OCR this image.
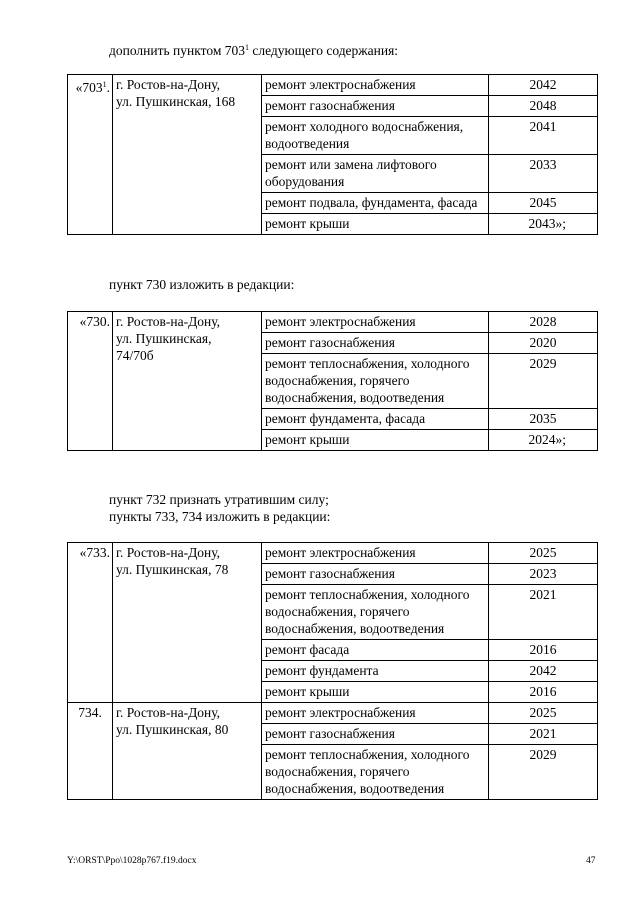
дополнить пунктом $703^1$ следующего содержания:
«$703^1$.	г. Ростов-на-Дону,
ул. Пушкинская, 168	ремонт электроснабжения	2042
		ремонт газоснабжения	2048
		ремонт холодного водоснабжения, водоотведения	2041
		ремонт или замена лифтового оборудования	2033
		ремонт подвала, фундамента, фасада	2045
		ремонт крыши	2043»;
пункт 730 изложить в редакции:
«730.	г. Ростов-на-Дону,
ул. Пушкинская,
74/70б	ремонт электроснабжения	2028
		ремонт газоснабжения	2020
		ремонт теплоснабжения, холодного водоснабжения, горячего водоснабжения, водоотведения	2029
		ремонт фундамента, фасада	2035
		ремонт крыши	2024»;
пункт 732 признать утратившим силу;
пункты 733, 734 изложить в редакции:
«733.	г. Ростов-на-Дону,
ул. Пушкинская, 78	ремонт электроснабжения	2025
		ремонт газоснабжения	2023
		ремонт теплоснабжения, холодного водоснабжения, горячего водоснабжения, водоотведения	2021
		ремонт фасада	2016
		ремонт фундамента	2042
		ремонт крыши	2016
734.	г. Ростов-на-Дону,
ул. Пушкинская, 80	ремонт электроснабжения	2025
		ремонт газоснабжения	2021
		ремонт теплоснабжения, холодного водоснабжения, горячего водоснабжения, водоотведения	2029
Y:\ORST\Ppo\1028p767.f19.docx	47
